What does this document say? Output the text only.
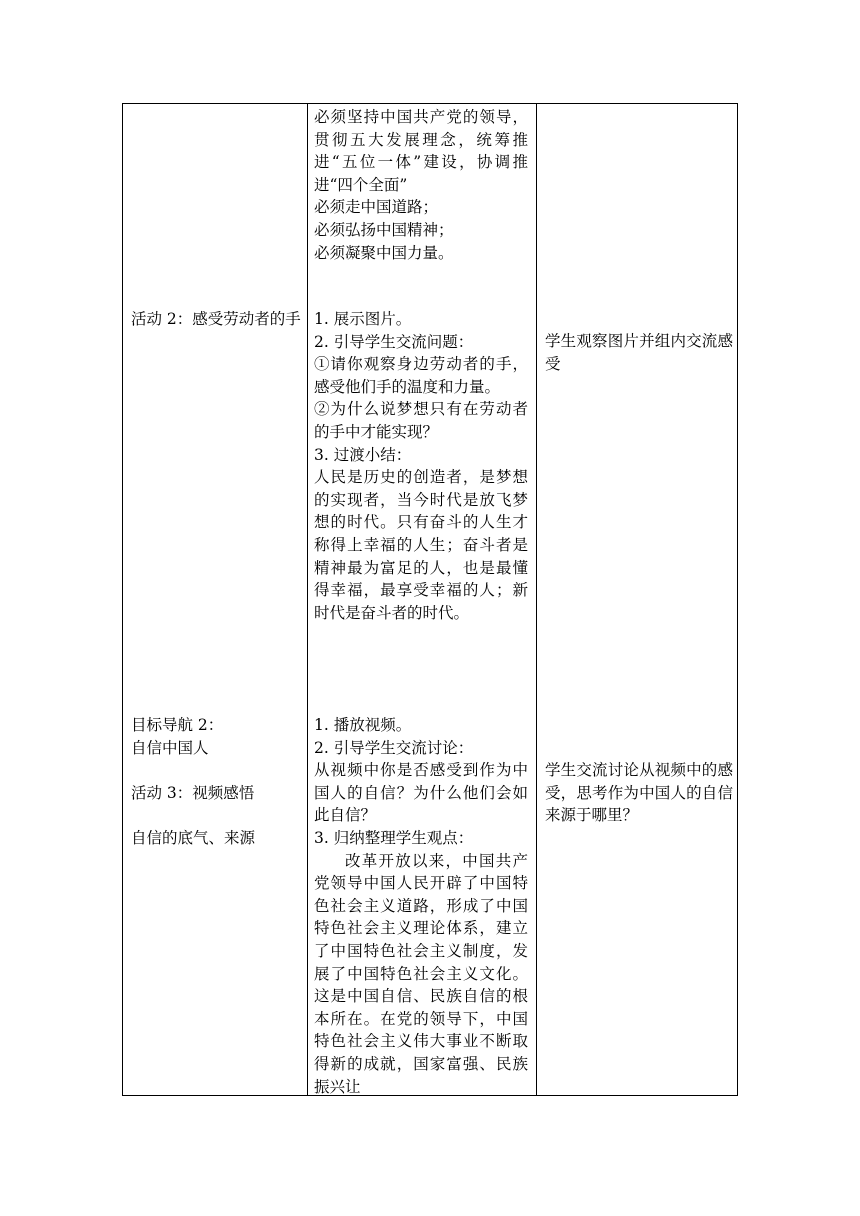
必须坚持中国共产党的领导，贯彻五大发展理念，统筹推进“五位一体”建设，协调推进“四个全面”

必须走中国道路；

必须弘扬中国精神；

必须凝聚中国力量。

活动 2：感受劳动者的手 1. 展示图片。

2. 引导学生交流问题：

①请你观察身边劳动者的手，感受他们手的温度和力量。

②为什么说梦想只有在劳动者的手中才能实现？

3. 过渡小结：

人民是历史的创造者，是梦想的实现者，当今时代是放飞梦想的时代。只有奋斗的人生才称得上幸福的人生；奋斗者是精神最为富足的人，也是最懂得幸福，最享受幸福的人；新时代是奋斗者的时代。

学生观察图片并组内交流感受

目标导航 2：

自信中国人

活动 3：视频感悟

自信的底气、来源

1. 播放视频。

2. 引导学生交流讨论：

从视频中你是否感受到作为中国人的自信？为什么他们会如此自信？

3. 归纳整理学生观点：

改革开放以来，中国共产党领导中国人民开辟了中国特色社会主义道路，形成了中国特色社会主义理论体系，建立了中国特色社会主义制度，发展了中国特色社会主义文化。这是中国自信、民族自信的根本所在。在党的领导下，中国特色社会主义伟大事业不断取得新的成就，国家富强、民族振兴让

学生交流讨论从视频中的感受，思考作为中国人的自信来源于哪里？
